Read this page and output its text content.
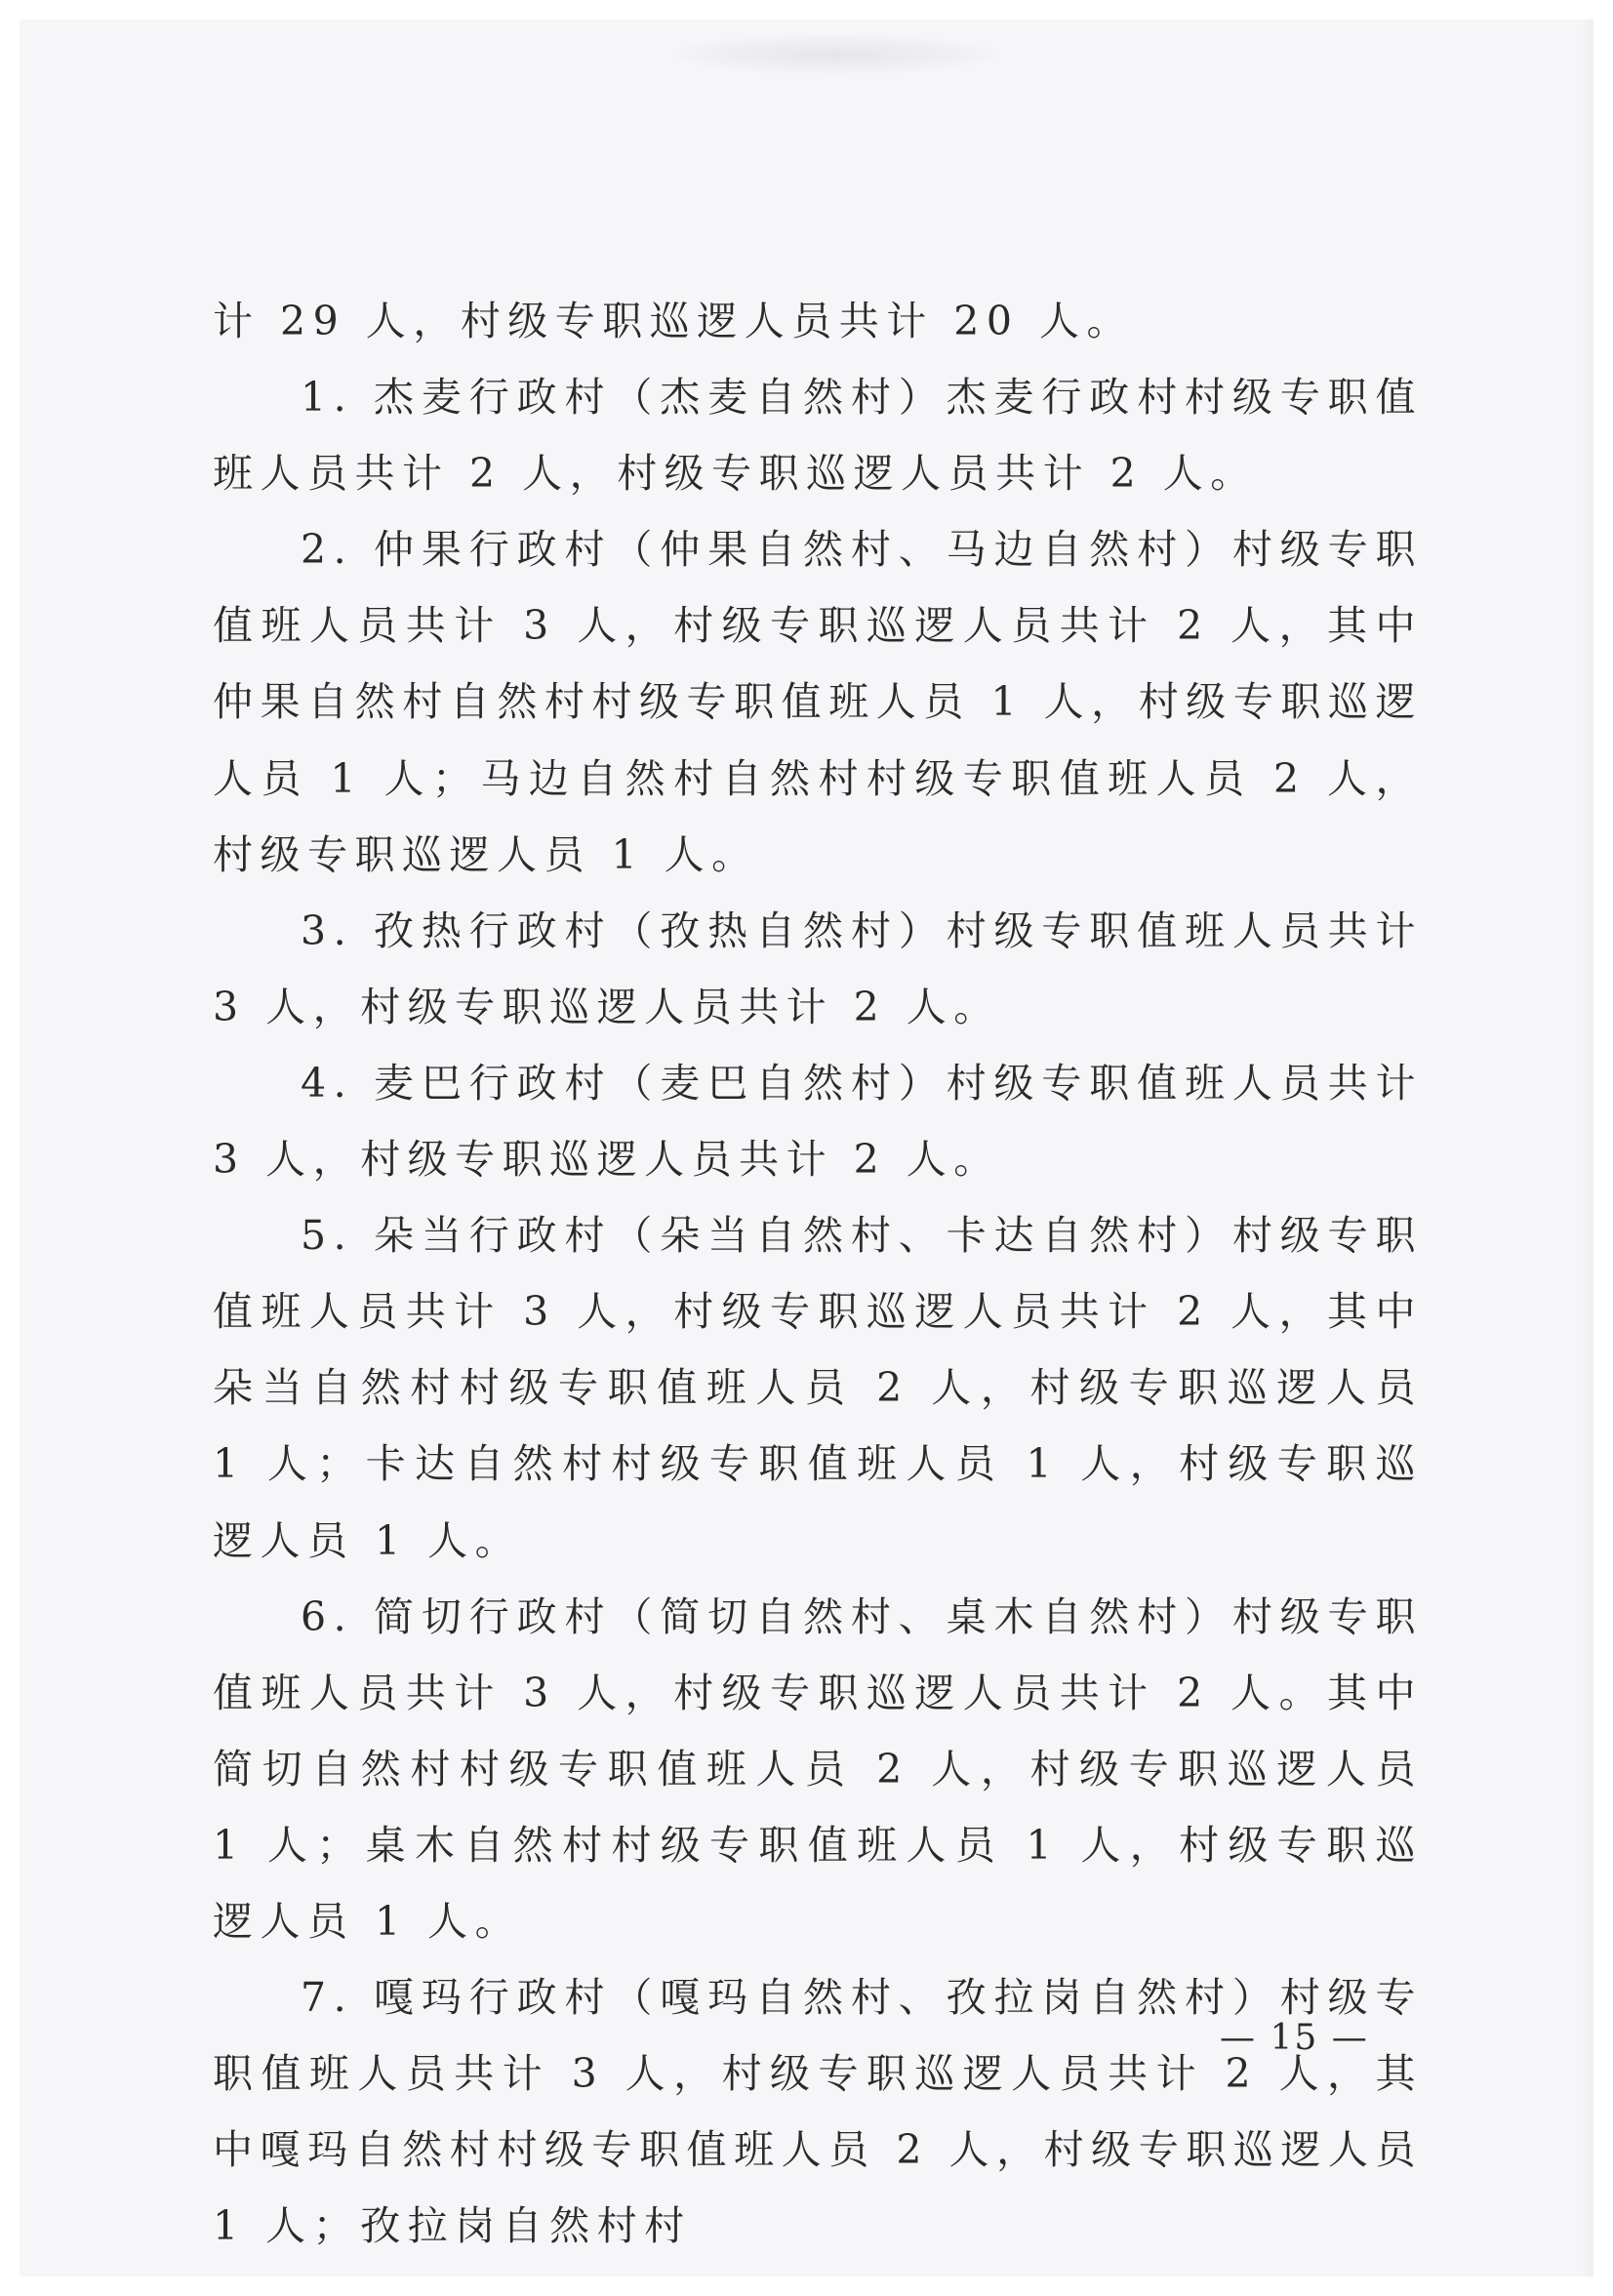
计 29 人，村级专职巡逻人员共计 20 人。

1. 杰麦行政村（杰麦自然村）杰麦行政村村级专职值班人员共计 2 人，村级专职巡逻人员共计 2 人。

2. 仲果行政村（仲果自然村、马边自然村）村级专职值班人员共计 3 人，村级专职巡逻人员共计 2 人，其中仲果自然村自然村村级专职值班人员 1 人，村级专职巡逻人员 1 人；马边自然村自然村村级专职值班人员 2 人，村级专职巡逻人员 1 人。

3. 孜热行政村（孜热自然村）村级专职值班人员共计 3 人，村级专职巡逻人员共计 2 人。

4. 麦巴行政村（麦巴自然村）村级专职值班人员共计 3 人，村级专职巡逻人员共计 2 人。

5. 朵当行政村（朵当自然村、卡达自然村）村级专职值班人员共计 3 人，村级专职巡逻人员共计 2 人，其中朵当自然村村级专职值班人员 2 人，村级专职巡逻人员 1 人；卡达自然村村级专职值班人员 1 人，村级专职巡逻人员 1 人。

6. 简切行政村（简切自然村、桌木自然村）村级专职值班人员共计 3 人，村级专职巡逻人员共计 2 人。其中简切自然村村级专职值班人员 2 人，村级专职巡逻人员 1 人；桌木自然村村级专职值班人员 1 人，村级专职巡逻人员 1 人。

7. 嘎玛行政村（嘎玛自然村、孜拉岗自然村）村级专职值班人员共计 3 人，村级专职巡逻人员共计 2 人，其中嘎玛自然村村级专职值班人员 2 人，村级专职巡逻人员 1 人；孜拉岗自然村村

— 15 —
